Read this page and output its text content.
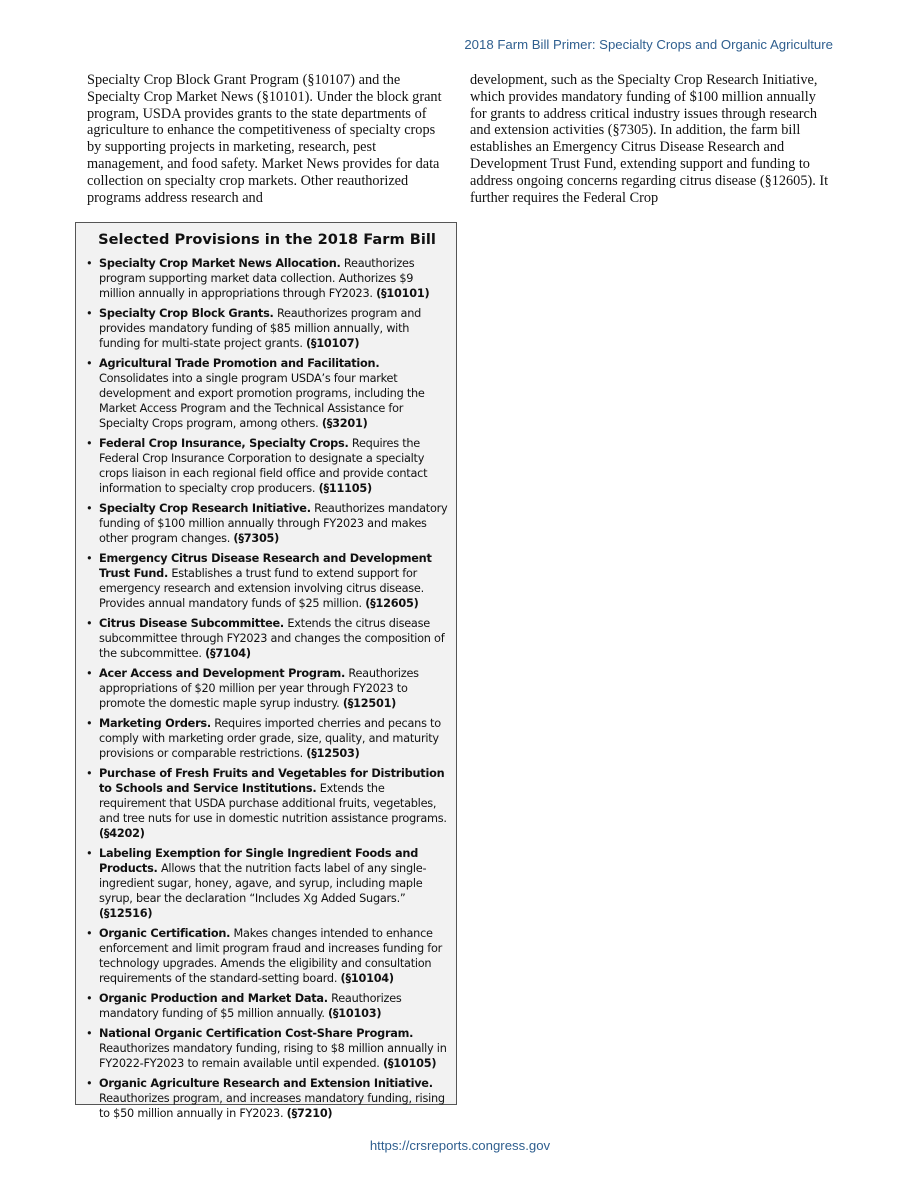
2018 Farm Bill Primer: Specialty Crops and Organic Agriculture
Specialty Crop Block Grant Program (§10107) and the Specialty Crop Market News (§10101). Under the block grant program, USDA provides grants to the state departments of agriculture to enhance the competitiveness of specialty crops by supporting projects in marketing, research, pest management, and food safety. Market News provides for data collection on specialty crop markets. Other reauthorized programs address research and
development, such as the Specialty Crop Research Initiative, which provides mandatory funding of $100 million annually for grants to address critical industry issues through research and extension activities (§7305). In addition, the farm bill establishes an Emergency Citrus Disease Research and Development Trust Fund, extending support and funding to address ongoing concerns regarding citrus disease (§12605). It further requires the Federal Crop
Selected Provisions in the 2018 Farm Bill
• Specialty Crop Market News Allocation. Reauthorizes program supporting market data collection. Authorizes $9 million annually in appropriations through FY2023. (§10101)
• Specialty Crop Block Grants. Reauthorizes program and provides mandatory funding of $85 million annually, with funding for multi-state project grants. (§10107)
• Agricultural Trade Promotion and Facilitation. Consolidates into a single program USDA’s four market development and export promotion programs, including the Market Access Program and the Technical Assistance for Specialty Crops program, among others. (§3201)
• Federal Crop Insurance, Specialty Crops. Requires the Federal Crop Insurance Corporation to designate a specialty crops liaison in each regional field office and provide contact information to specialty crop producers. (§11105)
• Specialty Crop Research Initiative. Reauthorizes mandatory funding of $100 million annually through FY2023 and makes other program changes. (§7305)
• Emergency Citrus Disease Research and Development Trust Fund. Establishes a trust fund to extend support for emergency research and extension involving citrus disease. Provides annual mandatory funds of $25 million. (§12605)
• Citrus Disease Subcommittee. Extends the citrus disease subcommittee through FY2023 and changes the composition of the subcommittee. (§7104)
• Acer Access and Development Program. Reauthorizes appropriations of $20 million per year through FY2023 to promote the domestic maple syrup industry. (§12501)
• Marketing Orders. Requires imported cherries and pecans to comply with marketing order grade, size, quality, and maturity provisions or comparable restrictions. (§12503)
• Purchase of Fresh Fruits and Vegetables for Distribution to Schools and Service Institutions. Extends the requirement that USDA purchase additional fruits, vegetables, and tree nuts for use in domestic nutrition assistance programs. (§4202)
• Labeling Exemption for Single Ingredient Foods and Products. Allows that the nutrition facts label of any single-ingredient sugar, honey, agave, and syrup, including maple syrup, bear the declaration “Includes Xg Added Sugars.” (§12516)
• Organic Certification. Makes changes intended to enhance enforcement and limit program fraud and increases funding for technology upgrades. Amends the eligibility and consultation requirements of the standard-setting board. (§10104)
• Organic Production and Market Data. Reauthorizes mandatory funding of $5 million annually. (§10103)
• National Organic Certification Cost-Share Program. Reauthorizes mandatory funding, rising to $8 million annually in FY2022-FY2023 to remain available until expended. (§10105)
• Organic Agriculture Research and Extension Initiative. Reauthorizes program, and increases mandatory funding, rising to $50 million annually in FY2023. (§7210)
https://crsreports.congress.gov
